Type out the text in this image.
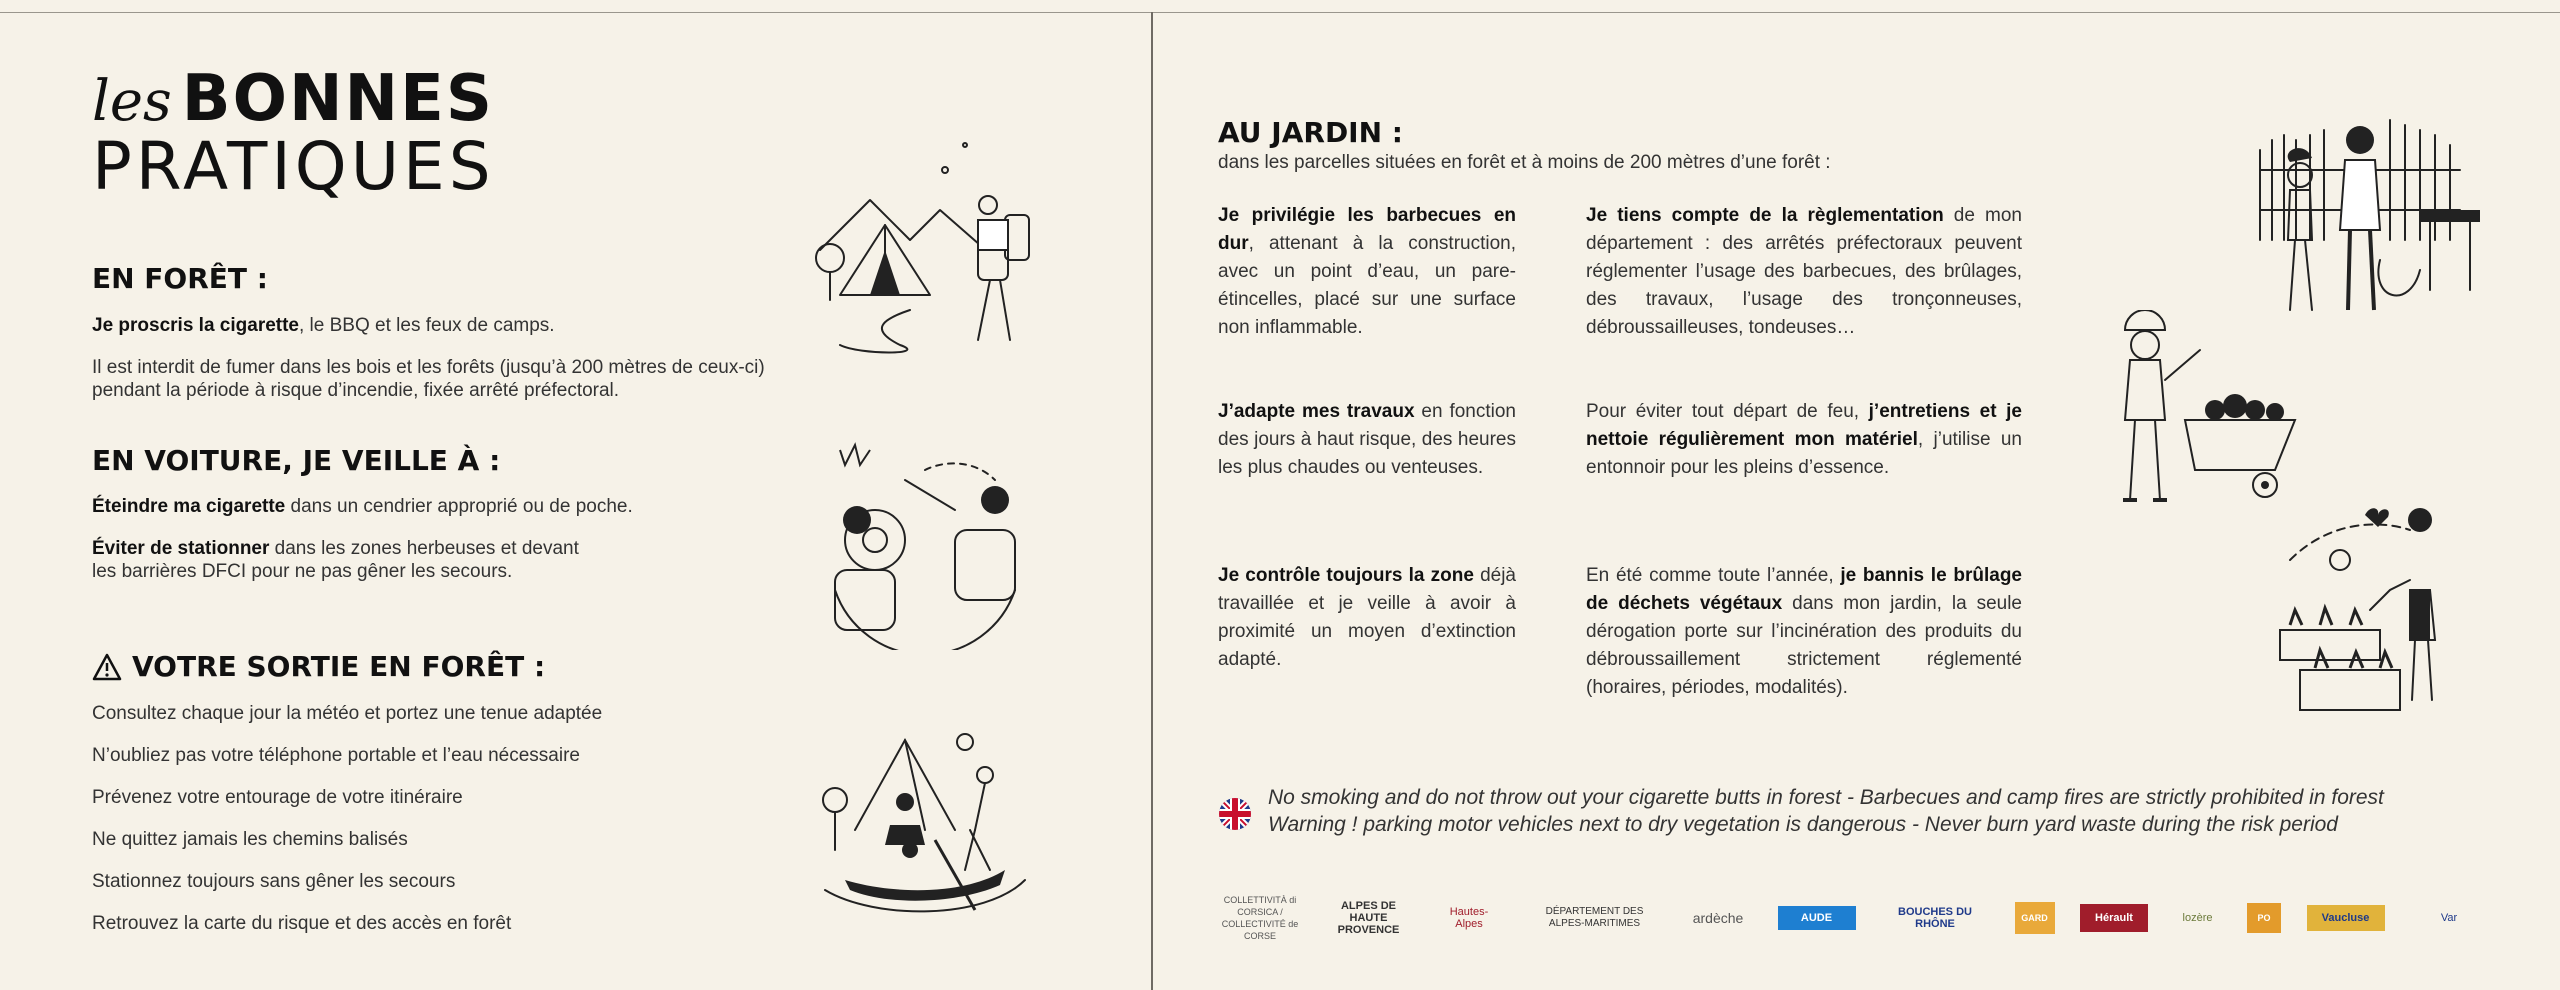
les BONNES
PRATIQUES
EN FORÊT :

Je proscris la cigarette, le BBQ et les feux de camps.

Il est interdit de fumer dans les bois et les forêts (jusqu’à 200 mètres de ceux-ci)
pendant la période à risque d’incendie, fixée arrêté préfectoral.

EN VOITURE, JE VEILLE À :

Éteindre ma cigarette dans un cendrier approprié ou de poche.

Éviter de stationner dans les zones herbeuses et devant
les barrières DFCI pour ne pas gêner les secours.

VOTRE SORTIE EN FORÊT :

Consultez chaque jour la météo et portez une tenue adaptée

N’oubliez pas votre téléphone portable et l’eau nécessaire

Prévenez votre entourage de votre itinéraire

Ne quittez jamais les chemins balisés

Stationnez toujours sans gêner les secours

Retrouvez la carte du risque et des accès en forêt

AU JARDIN :
dans les parcelles situées en forêt et à moins de 200 mètres d’une forêt :

Je privilégie les barbecues en dur, attenant à la construction, avec un point d’eau, un pare-étincelles, placé sur une surface non inflammable.

Je tiens compte de la règlementation de mon département : des arrêtés préfectoraux peuvent réglementer l’usage des barbecues, des brûlages, des travaux, l’usage des tronçonneuses, débroussailleuses, tondeuses…

J’adapte mes travaux en fonction des jours à haut risque, des heures les plus chaudes ou venteuses.

Pour éviter tout départ de feu, j’entretiens et je nettoie régulièrement mon matériel, j’utilise un entonnoir pour les pleins d’essence.

Je contrôle toujours la zone déjà travaillée et je veille à avoir à proximité un moyen d’extinction adapté.

En été comme toute l’année, je bannis le brûlage de déchets végétaux dans mon jardin, la seule dérogation porte sur l’incinération des produits du débroussaillement strictement réglementé (horaires, périodes, modalités).

No smoking and do not throw out your cigarette butts in forest - Barbecues and camp fires are strictly prohibited in forest
Warning ! parking motor vehicles next to dry vegetation is dangerous - Never burn yard waste during the risk period
COLLETTIVITÀ di CORSICA / COLLECTIVITÉ de CORSE
ALPES DE HAUTE PROVENCE
Hautes-Alpes
DÉPARTEMENT DES ALPES-MARITIMES	ardèche	AUDE	BOUCHES DU RHÔNE	GARD	Hérault	lozère	PO	Vaucluse	Var
